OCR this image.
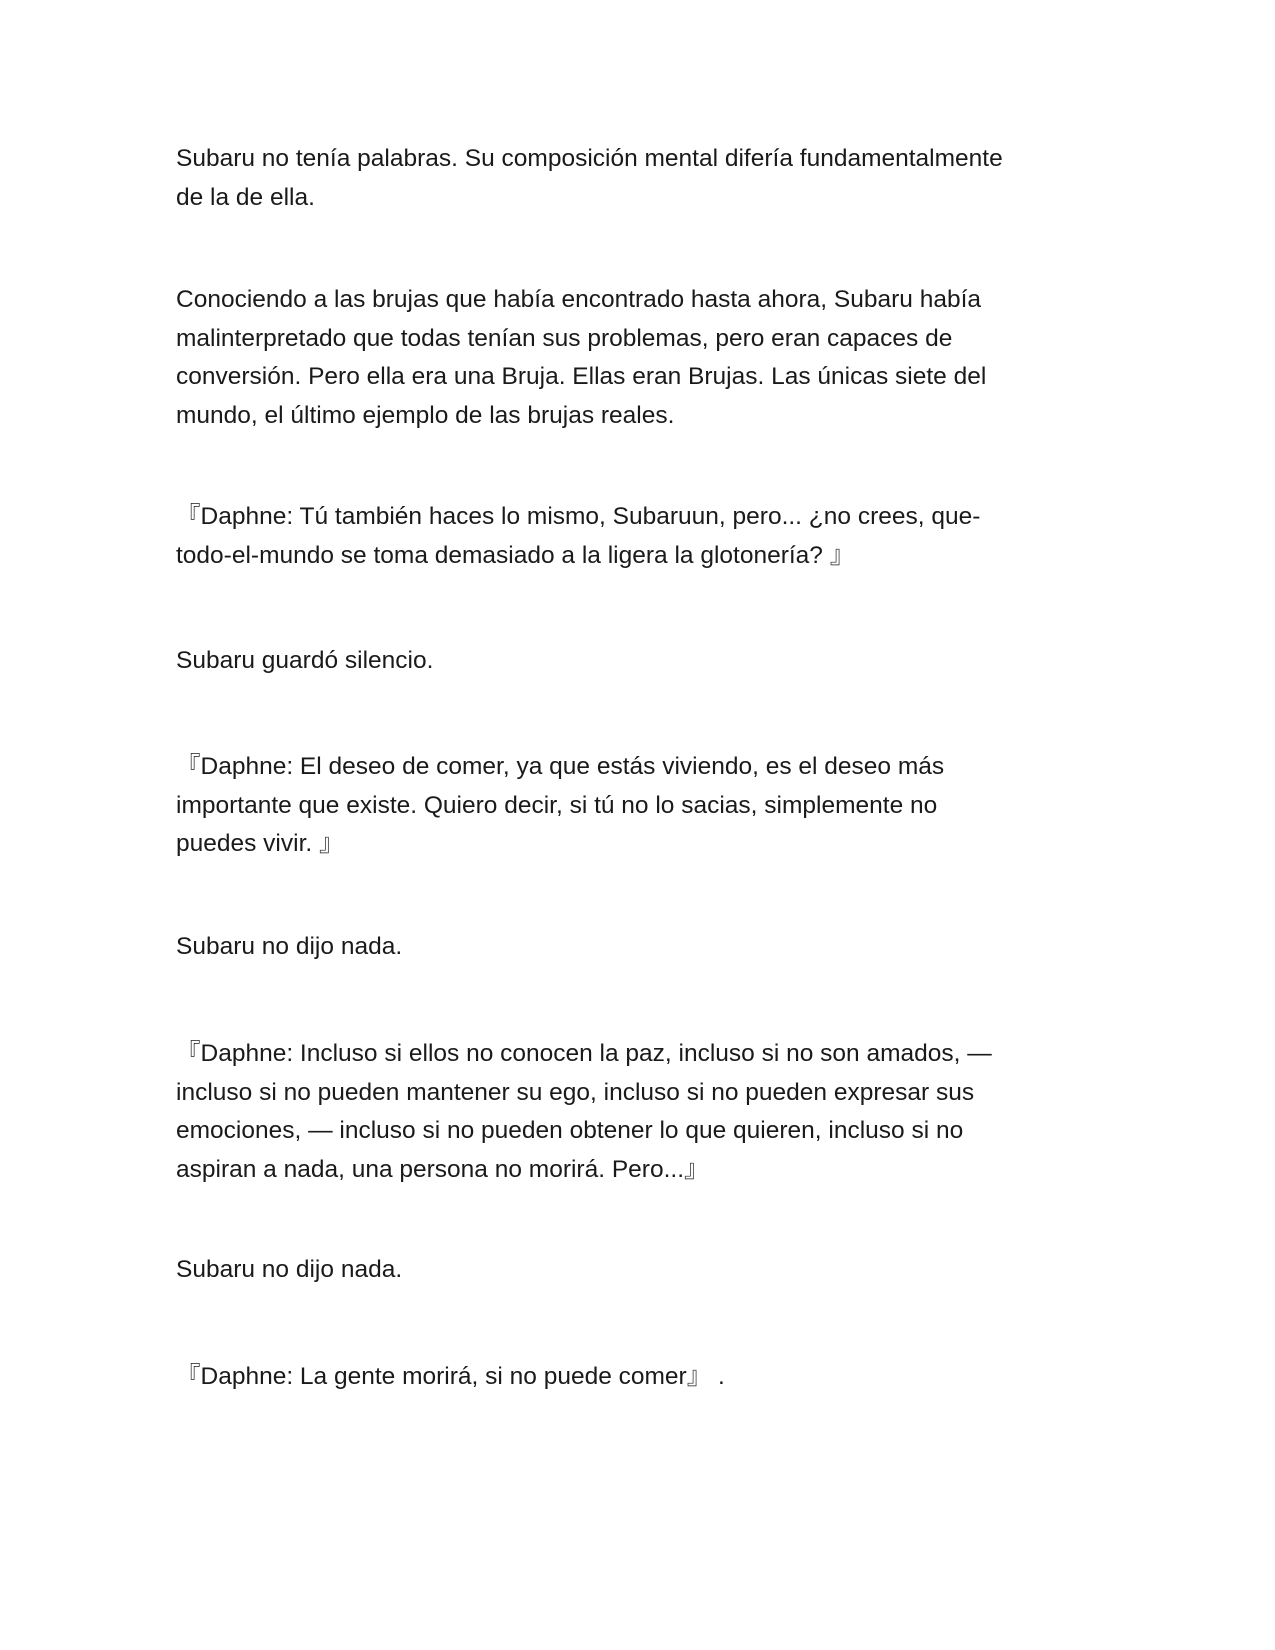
Subaru no tenía palabras. Su composición mental difería fundamentalmente
de la de ella.

Conociendo a las brujas que había encontrado hasta ahora, Subaru había
malinterpretado que todas tenían sus problemas, pero eran capaces de
conversión. Pero ella era una Bruja. Ellas eran Brujas. Las únicas siete del
mundo, el último ejemplo de las brujas reales.

『Daphne: Tú también haces lo mismo, Subaruun, pero... ¿no crees, que-
todo-el-mundo se toma demasiado a la ligera la glotonería? 』

Subaru guardó silencio.

『Daphne: El deseo de comer, ya que estás viviendo, es el deseo más
importante que existe. Quiero decir, si tú no lo sacias, simplemente no
puedes vivir. 』

Subaru no dijo nada.

『Daphne: Incluso si ellos no conocen la paz, incluso si no son amados, —
incluso si no pueden mantener su ego, incluso si no pueden expresar sus
emociones, — incluso si no pueden obtener lo que quieren, incluso si no
aspiran a nada, una persona no morirá. Pero...』

Subaru no dijo nada.

『Daphne: La gente morirá, si no puede comer』 .
